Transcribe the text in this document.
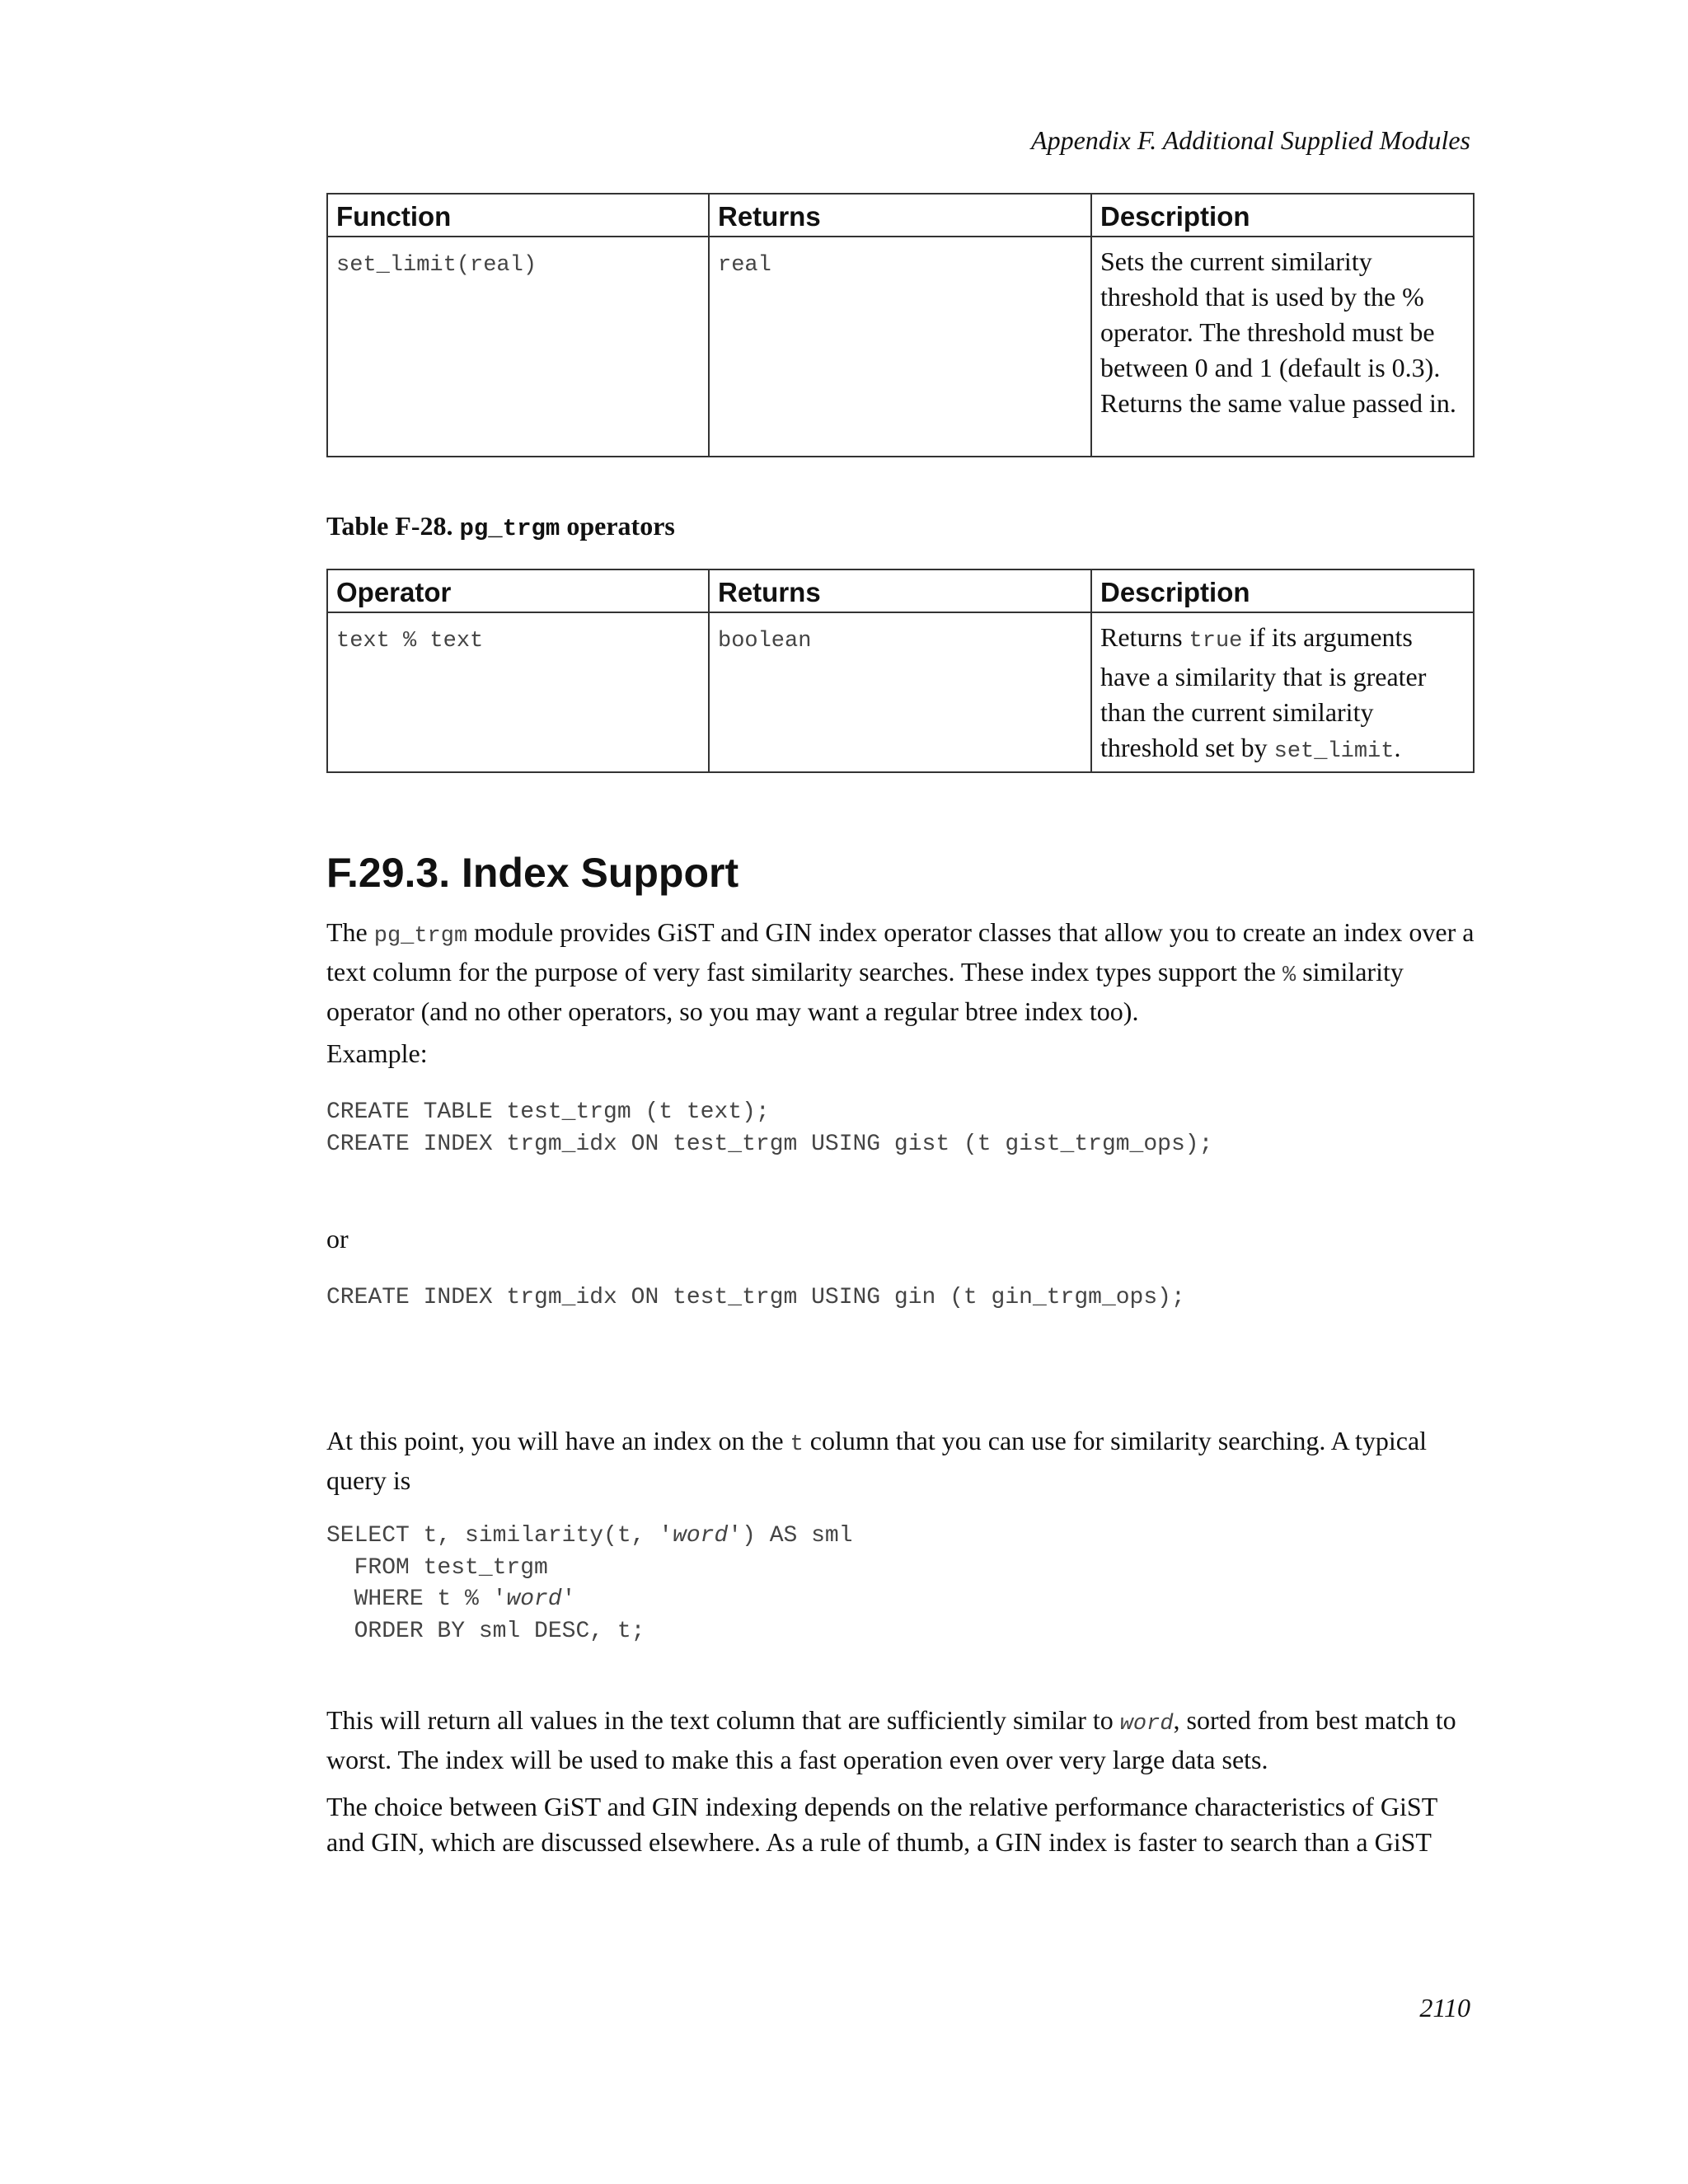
Appendix F. Additional Supplied Modules
Function	Returns	Description
set_limit(real)	real	Sets the current similarity threshold that is used by the % operator. The threshold must be between 0 and 1 (default is 0.3). Returns the same value passed in.
Table F-28. pg_trgm operators
Operator	Returns	Description
text % text	boolean	Returns true if its arguments have a similarity that is greater than the current similarity threshold set by set_limit.
F.29.3. Index Support

The pg_trgm module provides GiST and GIN index operator classes that allow you to create an index over a text column for the purpose of very fast similarity searches. These index types support the % similarity operator (and no other operators, so you may want a regular btree index too).

Example:

CREATE TABLE test_trgm (t text);
CREATE INDEX trgm_idx ON test_trgm USING gist (t gist_trgm_ops);

or

CREATE INDEX trgm_idx ON test_trgm USING gin (t gin_trgm_ops);

At this point, you will have an index on the t column that you can use for similarity searching. A typical query is

SELECT t, similarity(t, 'word') AS sml
FROM test_trgm
WHERE t % 'word'
ORDER BY sml DESC, t;

This will return all values in the text column that are sufficiently similar to word, sorted from best match to worst. The index will be used to make this a fast operation even over very large data sets.

The choice between GiST and GIN indexing depends on the relative performance characteristics of GiST and GIN, which are discussed elsewhere. As a rule of thumb, a GIN index is faster to search than a GiST

2110
